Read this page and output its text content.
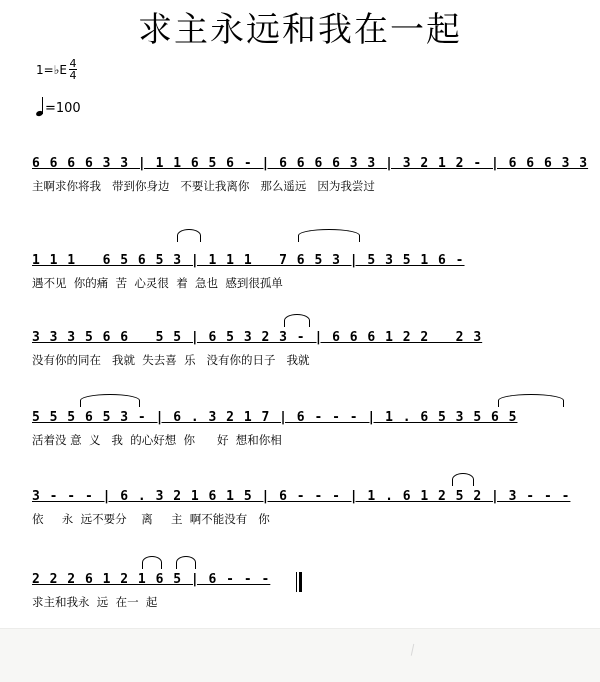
求主永远和我在一起
1=♭E $\frac{4}{4}$
=100
6 6 6 6 3 3 | 1 1 6 5 6 - | 6 6 6 6 3 3 | 3 2 1 2 - | 6 6 6 3 3
主啊求你将我   带到你身边   不要让我离你   那么遥远   因为我尝过
1 1 1   6 5 6 5 3 | 1 1 1   7 6 5 3 | 5 3 5 1 6 -
遇不见  你的痛  苦  心灵很  着  急也  感到很孤单
3 3 3 5 6 6   5 5 | 6 5 3 2 3 - | 6 6 6 1 2 2   2 3
没有你的同在   我就  失去喜  乐   没有你的日子   我就
5 5 5 6 5 3 - | 6 . 3 2 1 7 | 6 - - - | 1 . 6 5 3 5 6 5
活着没 意  义   我  的心好想  你      好  想和你相
3 - - - | 6 . 3 2 1 6 1 5 | 6 - - - | 1 . 6 1 2 5 2 | 3 - - -
依     永  远不要分    离     主  啊不能没有   你
2 2 2 6 1 2 1 6 5 | 6 - - -
求主和我永  远  在一  起
